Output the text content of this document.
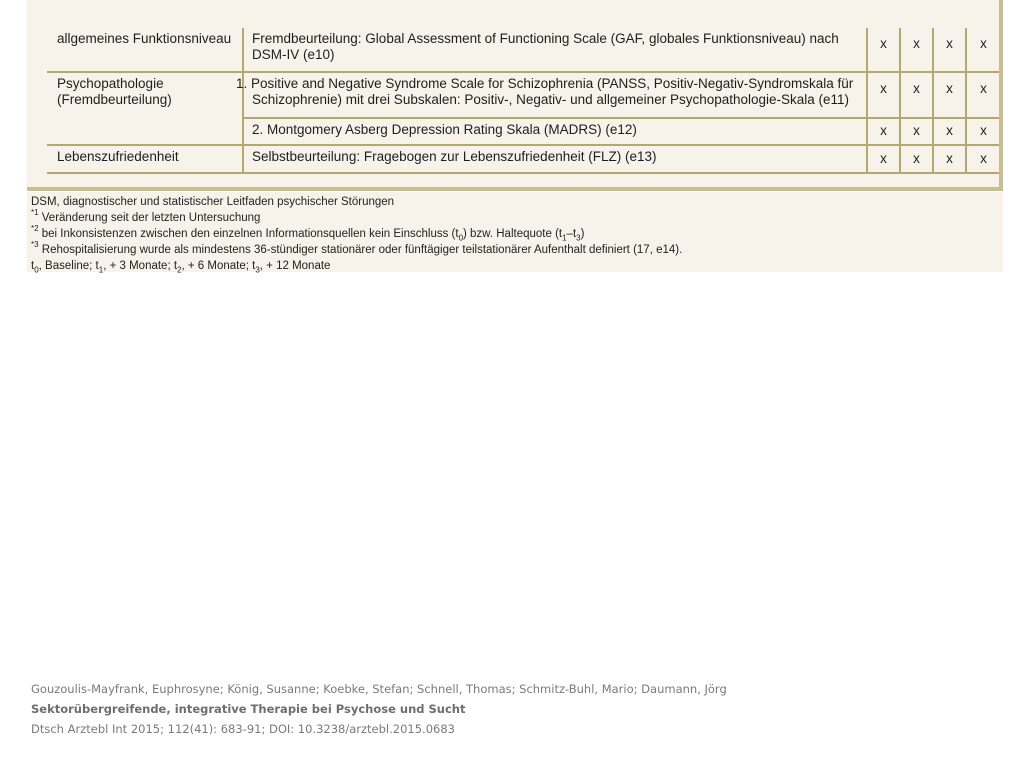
allgemeines Funktionsniveau	Fremdbeurteilung: Global Assessment of Functioning Scale (GAF, globales Funktionsniveau) nach DSM-IV (e10)	x	x	x	x
Psychopathologie (Fremdbeurteilung)	1. Positive and Negative Syndrome Scale for Schizophrenia (PANSS, Positiv-Negativ-Syndromskala für Schizophrenie) mit drei Subskalen: Positiv-, Negativ- und allgemeiner Psychopathologie-Skala (e11)	x	x	x	x
	2. Montgomery Asberg Depression Rating Skala (MADRS) (e12)	x	x	x	x
Lebenszufriedenheit	Selbstbeurteilung: Fragebogen zur Lebenszufriedenheit (FLZ) (e13)	x	x	x	x
DSM, diagnostischer und statistischer Leitfaden psychischer Störungen
$^{*1}$ Veränderung seit der letzten Untersuchung
$^{*2}$ bei Inkonsistenzen zwischen den einzelnen Informationsquellen kein Einschluss $(t_0)$ bzw. Haltequote $(t_1-t_3)$
$^{*3}$ Rehospitalisierung wurde als mindestens 36-stündiger stationärer oder fünftägiger teilstationärer Aufenthalt definiert (17, e14).
$t_0$, Baseline; $t_1$, + 3 Monate; $t_2$, + 6 Monate; $t_3$, + 12 Monate
Gouzoulis-Mayfrank, Euphrosyne; König, Susanne; Koebke, Stefan; Schnell, Thomas; Schmitz-Buhl, Mario; Daumann, Jörg
Sektorübergreifende, integrative Therapie bei Psychose und Sucht
Dtsch Arztebl Int 2015; 112(41): 683-91; DOI: 10.3238/arztebl.2015.0683
